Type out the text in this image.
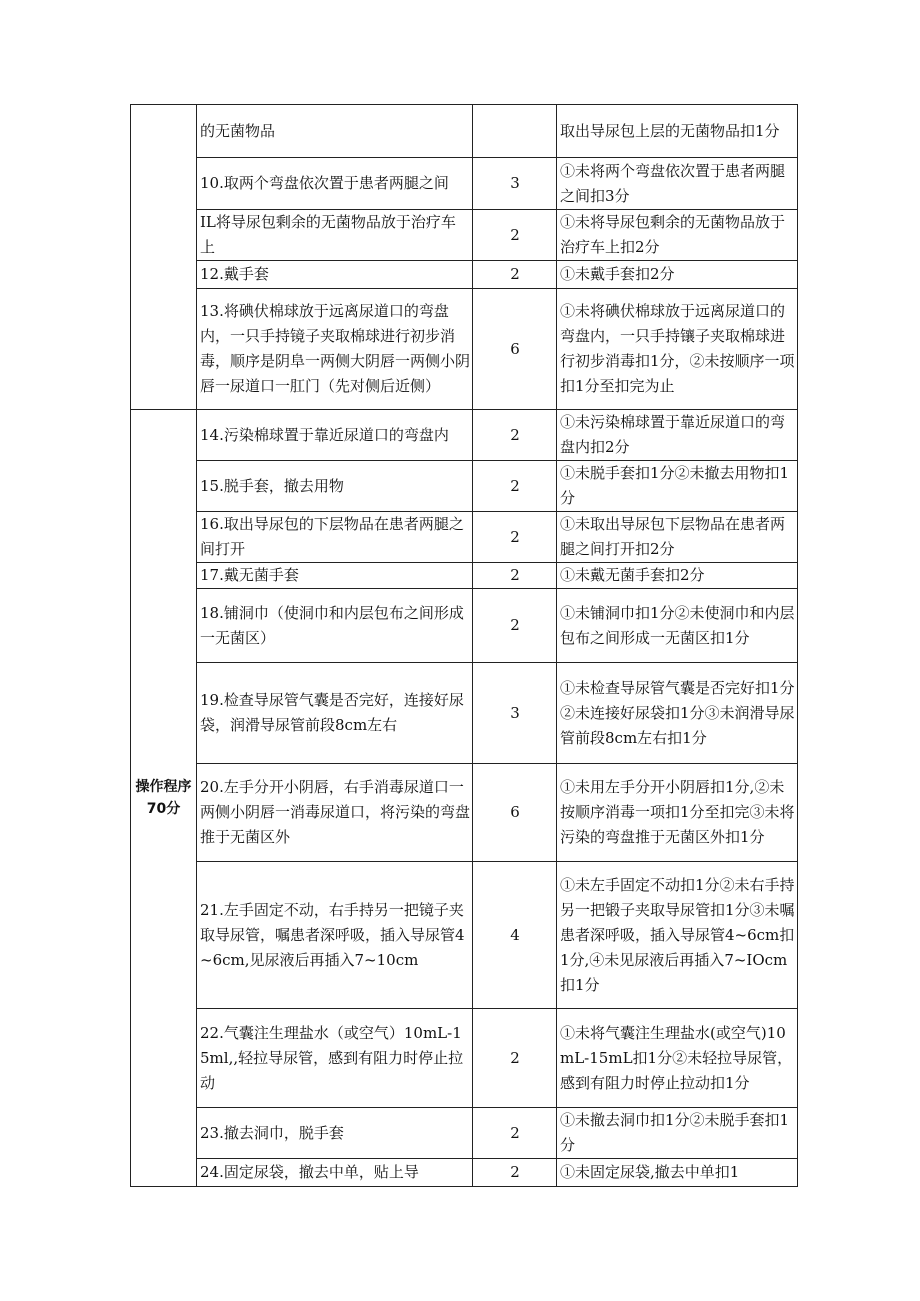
	的无菌物品		取出导尿包上层的无菌物品扣1分
	10.取两个弯盘依次置于患者两腿之间	3	①未将两个弯盘依次置于患者两腿之间扣3分
	IL将导尿包剩余的无菌物品放于治疗车上	2	①未将导尿包剩余的无菌物品放于治疗车上扣2分
	12.戴手套	2	①未戴手套扣2分
	13.将碘伏棉球放于远离尿道口的弯盘内，一只手持镜子夹取棉球进行初步消毒，顺序是阴阜一两侧大阴唇一两侧小阴唇一尿道口一肛门（先对侧后近侧）	6	①未将碘伏棉球放于远离尿道口的弯盘内，一只手持镶子夹取棉球进行初步消毒扣1分，②未按顺序一项扣1分至扣完为止
操作程序70分	14.污染棉球置于靠近尿道口的弯盘内	2	①未污染棉球置于靠近尿道口的弯盘内扣2分
	15.脱手套，撤去用物	2	①未脱手套扣1分②未撤去用物扣1分
	16.取出导尿包的下层物品在患者两腿之间打开	2	①未取出导尿包下层物品在患者两腿之间打开扣2分
	17.戴无菌手套	2	①未戴无菌手套扣2分
	18.铺洞巾（使洞巾和内层包布之间形成一无菌区）	2	①未铺洞巾扣1分②未使洞巾和内层包布之间形成一无菌区扣1分
	19.检查导尿管气囊是否完好，连接好尿袋，润滑导尿管前段8cm左右	3	①未检查导尿管气囊是否完好扣1分②未连接好尿袋扣1分③未润滑导尿管前段8cm左右扣1分
	20.左手分开小阴唇，右手消毒尿道口一两侧小阴唇一消毒尿道口，将污染的弯盘推于无菌区外	6	①未用左手分开小阴唇扣1分,②未按顺序消毒一项扣1分至扣完③未将污染的弯盘推于无菌区外扣1分
	21.左手固定不动，右手持另一把镜子夹取导尿管，嘱患者深呼吸，插入导尿管4~6cm,见尿液后再插入7~10cm	4	①未左手固定不动扣1分②未右手持另一把锻子夹取导尿管扣1分③未嘱患者深呼吸，插入导尿管4~6cm扣1分,④未见尿液后再插入7~IOcm扣1分
	22.气囊注生理盐水（或空气）10mL-15ml,,轻拉导尿管，感到有阻力时停止拉动	2	①未将气囊注生理盐水(或空气)10mL-15mL扣1分②未轻拉导尿管，感到有阻力时停止拉动扣1分
	23.撤去洞巾，脱手套	2	①未撤去洞巾扣1分②未脱手套扣1分
	24.固定尿袋，撤去中单，贴上导	2	①未固定尿袋,撤去中单扣1
